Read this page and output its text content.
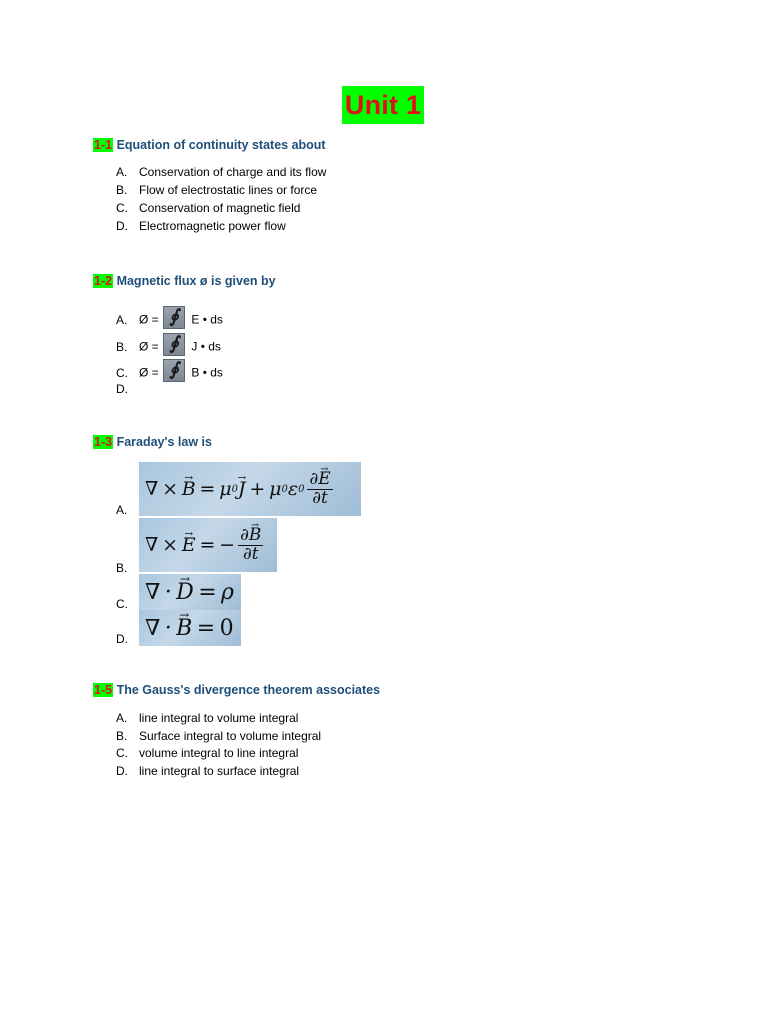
Unit 1
1-1 Equation of continuity states about
A. Conservation of charge and its flow
B. Flow of electrostatic lines or force
C. Conservation of magnetic field
D. Electromagnetic power flow
1-2 Magnetic flux ø is given by
A. Ø = ∮ E • ds
B. Ø = ∮ J • ds
C. Ø = ∮ B • ds
D.
1-3 Faraday's law is
A.
∇  ×  → B  = μ 0 → J  + μ 0 ε $0 \frac{\partial\to E}{\partial t}$
B.
∇  ×  → E  = − $\frac{\partial\to B}{\partial t}$
C. ∇  ·  → D  = ρ
D. ∇  ·  → B  =  0
1-5 The Gauss's divergence theorem associates
A. line integral to volume integral
B. Surface integral to volume integral
C. volume integral to line integral
D. line integral to surface integral
